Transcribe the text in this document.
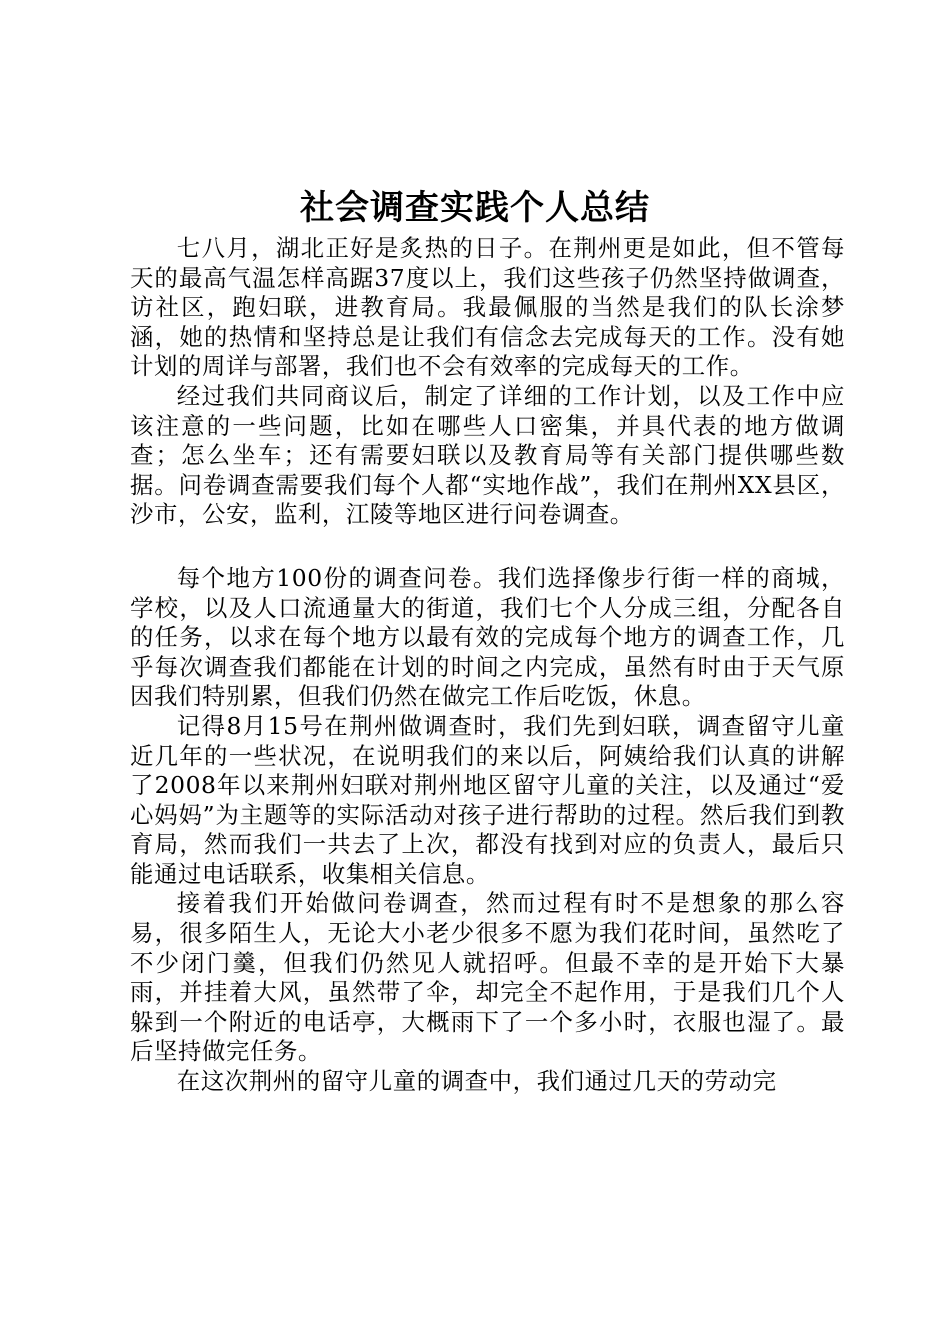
社会调查实践个人总结

七八月，湖北正好是炙热的日子。在荆州更是如此，但不管每天的最高气温怎样高踞37度以上，我们这些孩子仍然坚持做调查，访社区，跑妇联，进教育局。我最佩服的当然是我们的队长涂梦涵，她的热情和坚持总是让我们有信念去完成每天的工作。没有她计划的周详与部署，我们也不会有效率的完成每天的工作。

经过我们共同商议后，制定了详细的工作计划，以及工作中应该注意的一些问题，比如在哪些人口密集，并具代表的地方做调查；怎么坐车；还有需要妇联以及教育局等有关部门提供哪些数据。问卷调查需要我们每个人都“实地作战”，我们在荆州XX县区，沙市，公安，监利，江陵等地区进行问卷调查。

每个地方100份的调查问卷。我们选择像步行街一样的商城，学校，以及人口流通量大的街道，我们七个人分成三组，分配各自的任务，以求在每个地方以最有效的完成每个地方的调查工作，几乎每次调查我们都能在计划的时间之内完成，虽然有时由于天气原因我们特别累，但我们仍然在做完工作后吃饭，休息。

记得8月15号在荆州做调查时，我们先到妇联，调查留守儿童近几年的一些状况，在说明我们的来以后，阿姨给我们认真的讲解了2008年以来荆州妇联对荆州地区留守儿童的关注，以及通过“爱心妈妈”为主题等的实际活动对孩子进行帮助的过程。然后我们到教育局，然而我们一共去了上次，都没有找到对应的负责人，最后只能通过电话联系，收集相关信息。

接着我们开始做问卷调查，然而过程有时不是想象的那么容易，很多陌生人，无论大小老少很多不愿为我们花时间，虽然吃了不少闭门羹，但我们仍然见人就招呼。但最不幸的是开始下大暴雨，并挂着大风，虽然带了伞，却完全不起作用，于是我们几个人躲到一个附近的电话亭，大概雨下了一个多小时，衣服也湿了。最后坚持做完任务。

在这次荆州的留守儿童的调查中，我们通过几天的劳动完
